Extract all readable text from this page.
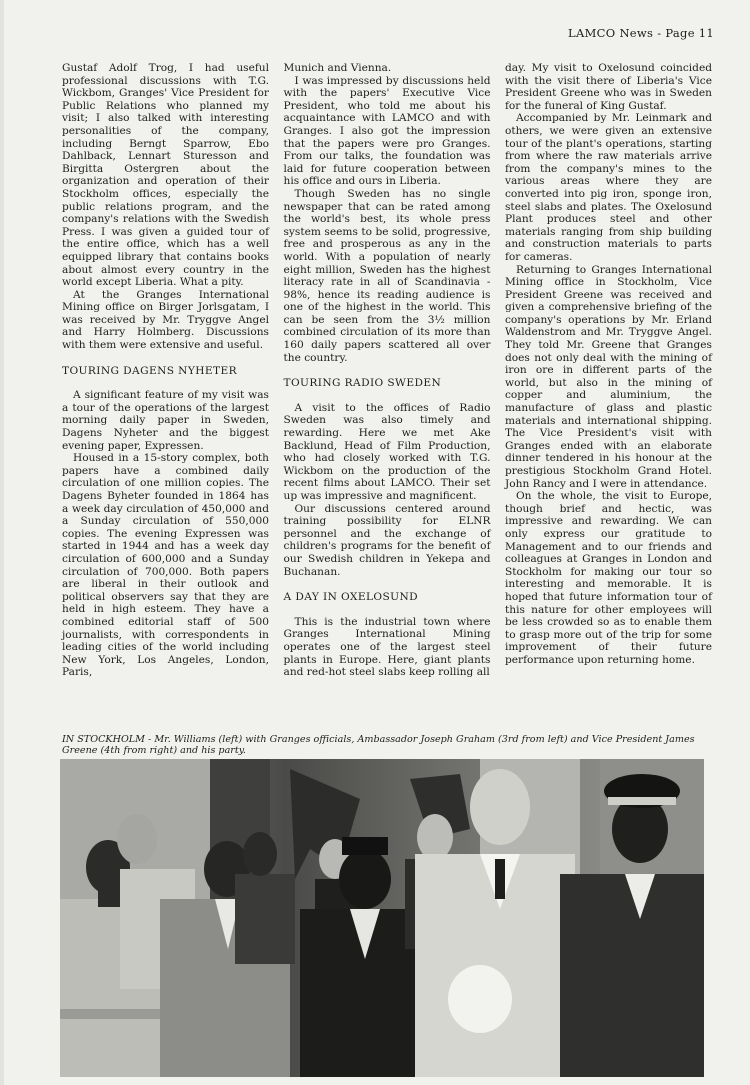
LAMCO News - Page 11

Gustaf Adolf Trog, I had useful professional discussions with T.G. Wickbom, Granges' Vice President for Public Relations who planned my visit; I also talked with interesting personalities of the company, including Berngt Sparrow, Ebo Dahlback, Lennart Sturesson and Birgitta Ostergren about the organization and operation of their Stockholm offices, especially the public relations program, and the company's relations with the Swedish Press. I was given a guided tour of the entire office, which has a well equipped library that contains books about almost every country in the world except Liberia. What a pity.

At the Granges International Mining office on Birger Jorlsgatam, I was received by Mr. Tryggve Angel and Harry Holmberg. Discussions with them were extensive and useful.

TOURING DAGENS NYHETER

A significant feature of my visit was a tour of the operations of the largest morning daily paper in Sweden, Dagens Nyheter and the biggest evening paper, Expressen.

Housed in a 15-story complex, both papers have a combined daily circulation of one million copies. The Dagens Byheter founded in 1864 has a week day circulation of 450,000 and a Sunday circulation of 550,000 copies. The evening Expressen was started in 1944 and has a week day circulation of 600,000 and a Sunday circulation of 700,000. Both papers are liberal in their outlook and political observers say that they are held in high esteem. They have a combined editorial staff of 500 journalists, with correspondents in leading cities of the world including New York, Los Angeles, London, Paris,

Munich and Vienna.

I was impressed by discussions held with the papers' Executive Vice President, who told me about his acquaintance with LAMCO and with Granges. I also got the impression that the papers were pro Granges. From our talks, the foundation was laid for future cooperation between his office and ours in Liberia.

Though Sweden has no single newspaper that can be rated among the world's best, its whole press system seems to be solid, progressive, free and prosperous as any in the world. With a population of nearly eight million, Sweden has the highest literacy rate in all of Scandinavia - 98%, hence its reading audience is one of the highest in the world. This can be seen from the 3½ million combined circulation of its more than 160 daily papers scattered all over the country.

TOURING RADIO SWEDEN

A visit to the offices of Radio Sweden was also timely and rewarding. Here we met Ake Backlund, Head of Film Production, who had closely worked with T.G. Wickbom on the production of the recent films about LAMCO. Their set up was impressive and magnificent.

Our discussions centered around training possibility for ELNR personnel and the exchange of children's programs for the benefit of our Swedish children in Yekepa and Buchanan.

A DAY IN OXELOSUND

This is the industrial town where Granges International Mining operates one of the largest steel plants in Europe. Here, giant plants and red-hot steel slabs keep rolling all

day. My visit to Oxelosund coincided with the visit there of Liberia's Vice President Greene who was in Sweden for the funeral of King Gustaf.

Accompanied by Mr. Leinmark and others, we were given an extensive tour of the plant's operations, starting from where the raw materials arrive from the company's mines to the various areas where they are converted into pig iron, sponge iron, steel slabs and plates. The Oxelosund Plant produces steel and other materials ranging from ship building and construction materials to parts for cameras.

Returning to Granges International Mining office in Stockholm, Vice President Greene was received and given a comprehensive briefing of the company's operations by Mr. Erland Waldenstrom and Mr. Tryggve Angel. They told Mr. Greene that Granges does not only deal with the mining of iron ore in different parts of the world, but also in the mining of copper and aluminium, the manufacture of glass and plastic materials and international shipping. The Vice President's visit with Granges ended with an elaborate dinner tendered in his honour at the prestigious Stockholm Grand Hotel. John Rancy and I were in attendance.

On the whole, the visit to Europe, though brief and hectic, was impressive and rewarding. We can only express our gratitude to Management and to our friends and colleagues at Granges in London and Stockholm for making our tour so interesting and memorable. It is hoped that future information tour of this nature for other employees will be less crowded so as to enable them to grasp more out of the trip for some improvement of their future performance upon returning home.

IN STOCKHOLM - Mr. Williams (left) with Granges officials, Ambassador Joseph Graham (3rd from left) and Vice President James Greene (4th from right) and his party.
